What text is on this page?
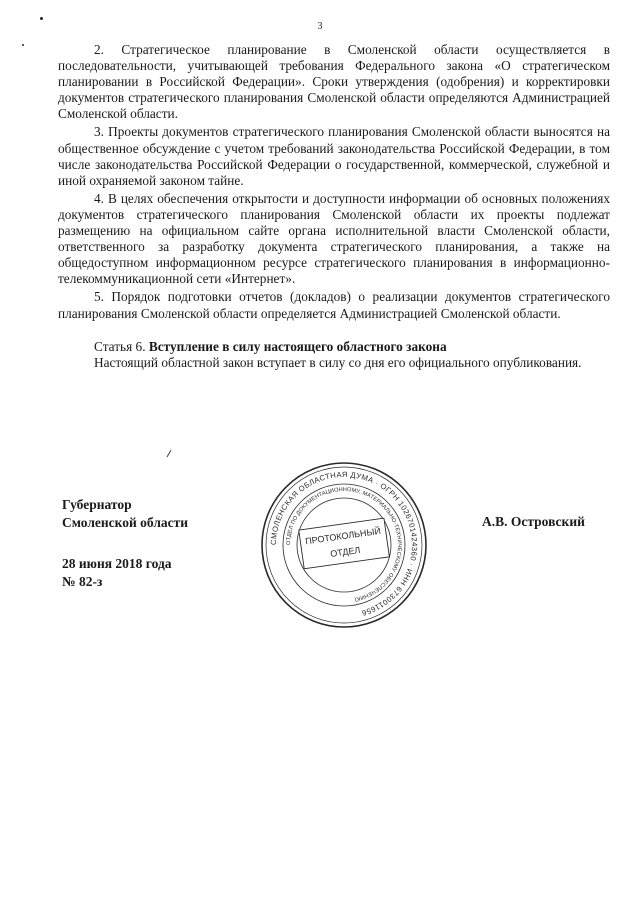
3

2. Стратегическое планирование в Смоленской области осуществляется в последовательности, учитывающей требования Федерального закона «О стратегическом планировании в Российской Федерации». Сроки утверждения (одобрения) и корректировки документов стратегического планирования Смоленской области определяются Администрацией Смоленской области.

3. Проекты документов стратегического планирования Смоленской области выносятся на общественное обсуждение с учетом требований законодательства Российской Федерации, в том числе законодательства Российской Федерации о государственной, коммерческой, служебной и иной охраняемой законом тайне.

4. В целях обеспечения открытости и доступности информации об основных положениях документов стратегического планирования Смоленской области их проекты подлежат размещению на официальном сайте органа исполнительной власти Смоленской области, ответственного за разработку документа стратегического планирования, а также на общедоступном информационном ресурсе стратегического планирования в информационно-телекоммуникационной сети «Интернет».

5. Порядок подготовки отчетов (докладов) о реализации документов стратегического планирования Смоленской области определяется Администрацией Смоленской области.

Статья 6. Вступление в силу настоящего областного закона

Настоящий областной закон вступает в силу со дня его официального опубликования.

Губернатор
Смоленской области
28 июня 2018 года
№ 82-з
А.В. Островский
СМОЛЕНСКАЯ ОБЛАСТНАЯ ДУМА · ОГРН 1026701424360 · ИНН 6730011656
ОТДЕЛ ПО ДОКУМЕНТАЦИОННОМУ, МАТЕРИАЛЬНО-ТЕХНИЧЕСКОМУ ОБЕСПЕЧЕНИЮ
ПРОТОКОЛЬНЫЙ
ОТДЕЛ
